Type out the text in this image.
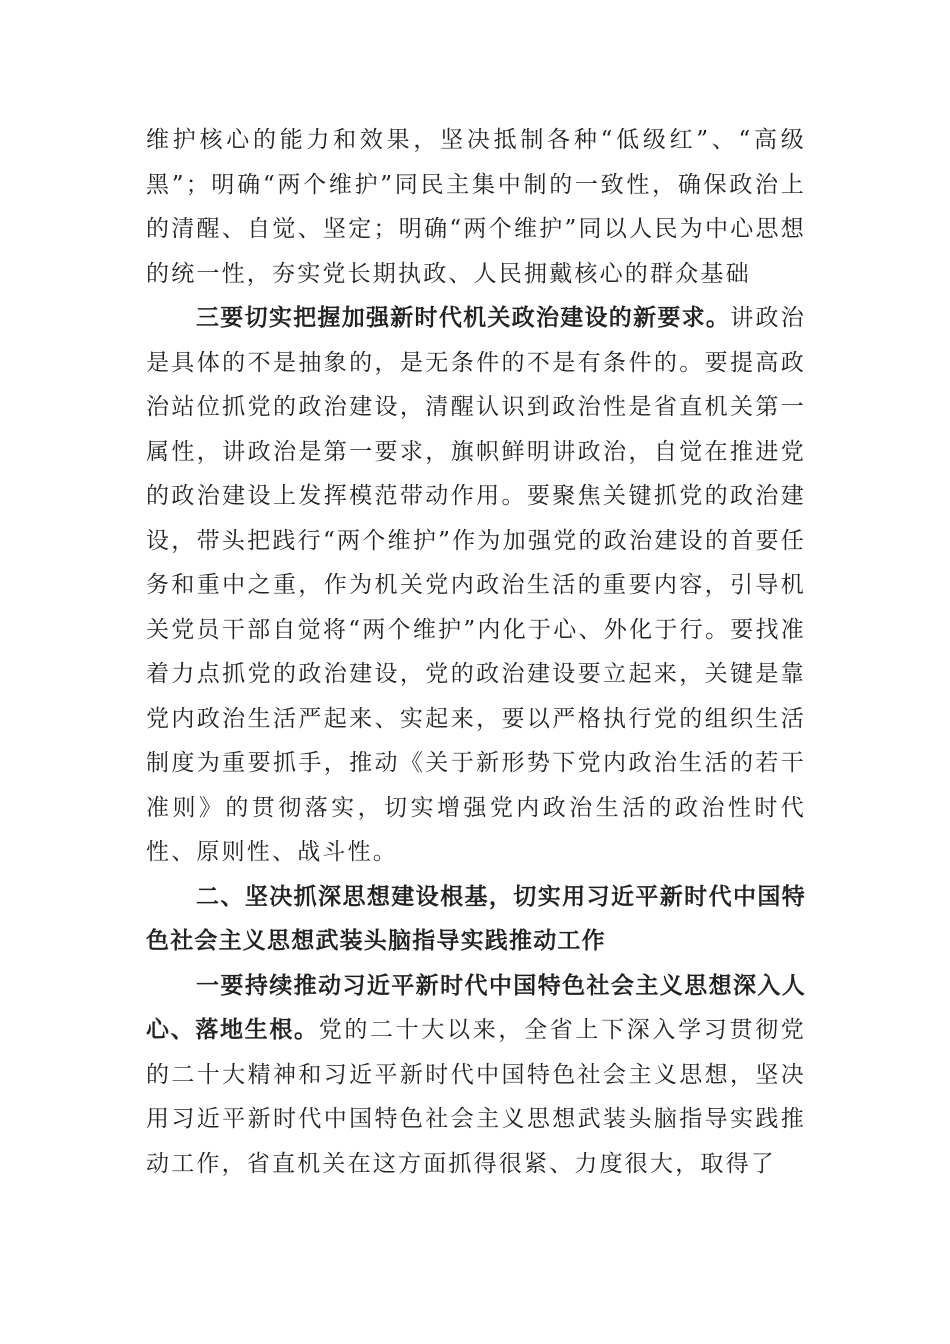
维护核心的能力和效果，坚决抵制各种“低级红”、“高级黑”；明确“两个维护”同民主集中制的一致性，确保政治上的清醒、自觉、坚定；明确“两个维护”同以人民为中心思想的统一性，夯实党长期执政、人民拥戴核心的群众基础

三要切实把握加强新时代机关政治建设的新要求。讲政治是具体的不是抽象的，是无条件的不是有条件的。要提高政治站位抓党的政治建设，清醒认识到政治性是省直机关第一属性，讲政治是第一要求，旗帜鲜明讲政治，自觉在推进党的政治建设上发挥模范带动作用。要聚焦关键抓党的政治建设，带头把践行“两个维护”作为加强党的政治建设的首要任务和重中之重，作为机关党内政治生活的重要内容，引导机关党员干部自觉将“两个维护”内化于心、外化于行。要找准着力点抓党的政治建设，党的政治建设要立起来，关键是靠党内政治生活严起来、实起来，要以严格执行党的组织生活制度为重要抓手，推动《关于新形势下党内政治生活的若干准则》的贯彻落实，切实增强党内政治生活的政治性时代性、原则性、战斗性。

二、坚决抓深思想建设根基，切实用习近平新时代中国特色社会主义思想武装头脑指导实践推动工作

一要持续推动习近平新时代中国特色社会主义思想深入人心、落地生根。党的二十大以来，全省上下深入学习贯彻党的二十大精神和习近平新时代中国特色社会主义思想，坚决用习近平新时代中国特色社会主义思想武装头脑指导实践推动工作，省直机关在这方面抓得很紧、力度很大，取得了
